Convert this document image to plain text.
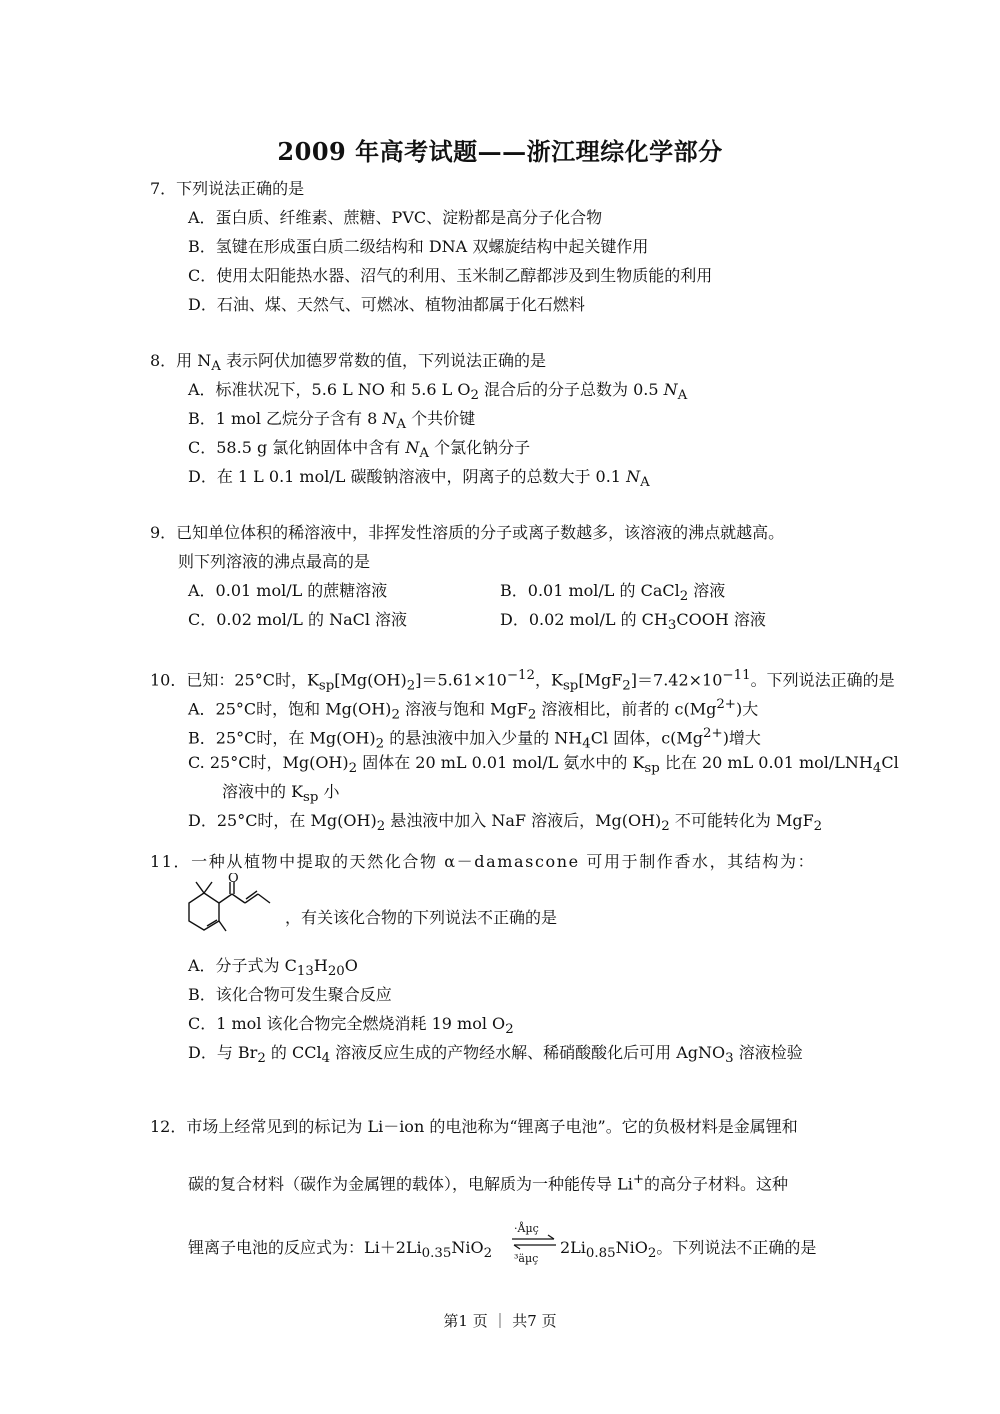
2009 年高考试题——浙江理综化学部分
7．下列说法正确的是
A．蛋白质、纤维素、蔗糖、PVC、淀粉都是高分子化合物
B．氢键在形成蛋白质二级结构和 DNA 双螺旋结构中起关键作用
C．使用太阳能热水器、沼气的利用、玉米制乙醇都涉及到生物质能的利用
D．石油、煤、天然气、可燃冰、植物油都属于化石燃料
8．用 $N_A$ 表示阿伏加德罗常数的值，下列说法正确的是
A．标准状况下，5.6 L NO 和 5.6 L $O_2$ 混合后的分子总数为 0.5 $N_A$
B．1 mol 乙烷分子含有 8 $N_A$ 个共价键
C．58.5 g 氯化钠固体中含有 $N_A$ 个氯化钠分子
D．在 1 L 0.1 mol/L 碳酸钠溶液中，阴离子的总数大于 0.1 $N_A$
9．已知单位体积的稀溶液中，非挥发性溶质的分子或离子数越多，该溶液的沸点就越高。
则下列溶液的沸点最高的是
A．0.01 mol/L 的蔗糖溶液	B．0.01 mol/L 的 CaCl$_2$ 溶液
C．0.02 mol/L 的 NaCl 溶液	D．0.02 mol/L 的 $CH_3COOH$ 溶液
10．已知：25°C时，$K_{sp}[Mg(OH)_2]=5.61\times 10^{-12}$，$K_{sp}[MgF_2]=7.42\times 10^{-11}$。下列说法正确的是
A．25°C时，饱和 $Mg(OH)_2$ 溶液与饱和 MgF$_2$ 溶液相比，前者的 $c(Mg^{2+})$大
B．25°C时，在 $Mg(OH)_2$ 的悬浊液中加入少量的 $NH_4Cl$ 固体，$c(Mg^{2+})$增大
C. 25°C时，$Mg(OH)_2$ 固体在 20 mL 0.01 mol/L 氨水中的 $K_{sp}$ 比在 20 mL 0.01 mol/$LNH_4Cl$
溶液中的 $K_{sp}$ 小
D．25°C时，在 $Mg(OH)_2$ 悬浊液中加入 NaF 溶液后，$Mg(OH)_2$ 不可能转化为 MgF$_2$
11．一种从植物中提取的天然化合物 α－damascone 可用于制作香水，其结构为：
O
，有关该化合物的下列说法不正确的是
A．分子式为 $C_{13}H_{20}O$
B．该化合物可发生聚合反应
C．1 mol 该化合物完全燃烧消耗 19 mol $O_2$
D．与 $Br_2$ 的 CCl$_4$ 溶液反应生成的产物经水解、稀硝酸酸化后可用 AgNO$_3$ 溶液检验
12．市场上经常见到的标记为 Li－ion 的电池称为“锂离子电池”。它的负极材料是金属锂和
碳的复合材料（碳作为金属锂的载体），电解质为一种能传导 Li+的高分子材料。这种
锂离子电池的反应式为：$Li+2Li_{0.35}NiO_2$
·Åµç
³äµç
$2Li_{0.85}NiO_2$。下列说法不正确的是
第1 页 ｜ 共7 页
